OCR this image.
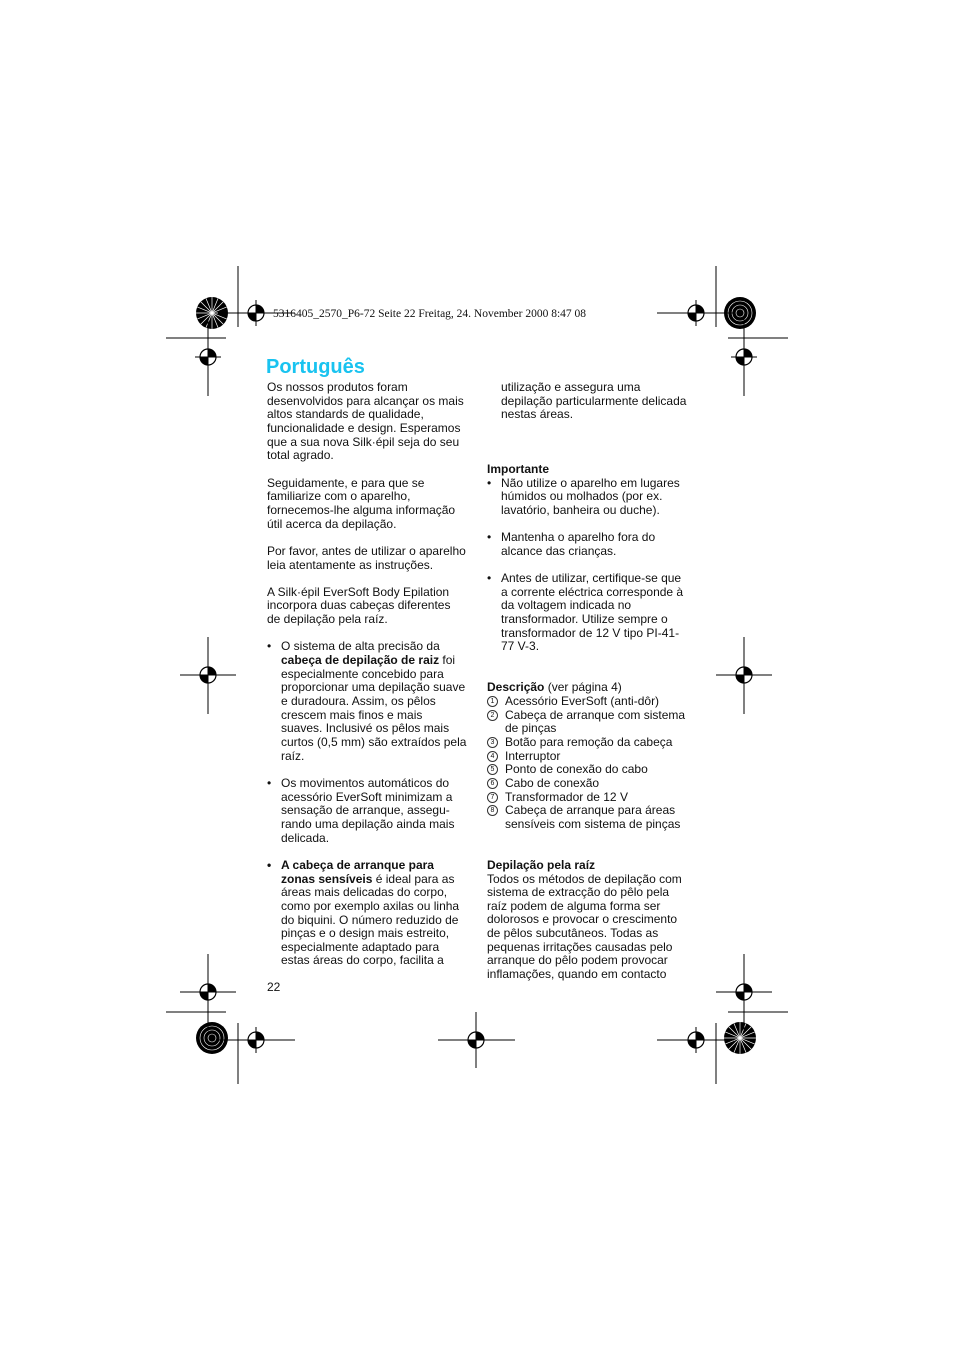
5316405_2570_P6-72 Seite 22 Freitag, 24. November 2000 8:47 08
Português

Os nossos produtos foram desenvolvidos para alcançar os mais altos standards de qualidade, funcionalidade e design. Esperamos que a sua nova Silk·épil seja do seu total agrado.

Seguidamente, e para que se familiarize com o aparelho, fornecemos-lhe alguma informação útil acerca da depilação.

Por favor, antes de utilizar o aparelho leia atentamente as instruções.

A Silk·épil EverSoft Body Epilation incorpora duas cabeças diferentes de depilação pela raíz.

• O sistema de alta precisão da cabeça de depilação de raiz foi especialmente concebido para proporcionar uma depilação suave e duradoura. Assim, os pêlos crescem mais finos e mais suaves. Inclusivé os pêlos mais curtos (0,5 mm) são extraídos pela raíz.
• Os movimentos automáticos do acessório EverSoft minimizam a sensação de arranque, assegu-rando uma depilação ainda mais delicada.
• A cabeça de arranque para zonas sensíveis é ideal para as áreas mais delicadas do corpo, como por exemplo axilas ou linha do biquini. O número reduzido de pinças e o design mais estreito, especialmente adaptado para estas áreas do corpo, facilita a

utilização e assegura uma depilação particularmente delicada nestas áreas.

Importante
• Não utilize o aparelho em lugares húmidos ou molhados (por ex. lavatório, banheira ou duche).
• Mantenha o aparelho fora do alcance das crianças.
• Antes de utilizar, certifique-se que a corrente eléctrica corresponde à da voltagem indicada no transformador. Utilize sempre o transformador de 12 V tipo PI-41-77 V-3.
Descrição (ver página 4)
1 Acessório EverSoft (anti-dôr)
2 Cabeça de arranque com sistema de pinças
3 Botão para remoção da cabeça
4 Interruptor
5 Ponto de conexão do cabo
6 Cabo de conexão
7 Transformador de 12 V
8 Cabeça de arranque para áreas sensíveis com sistema de pinças
Depilação pela raíz
Todos os métodos de depilação com sistema de extracção do pêlo pela raíz podem de alguma forma ser dolorosos e provocar o crescimento de pêlos subcutâneos. Todas as pequenas irritações causadas pelo arranque do pêlo podem provocar inflamações, quando em contacto
22
